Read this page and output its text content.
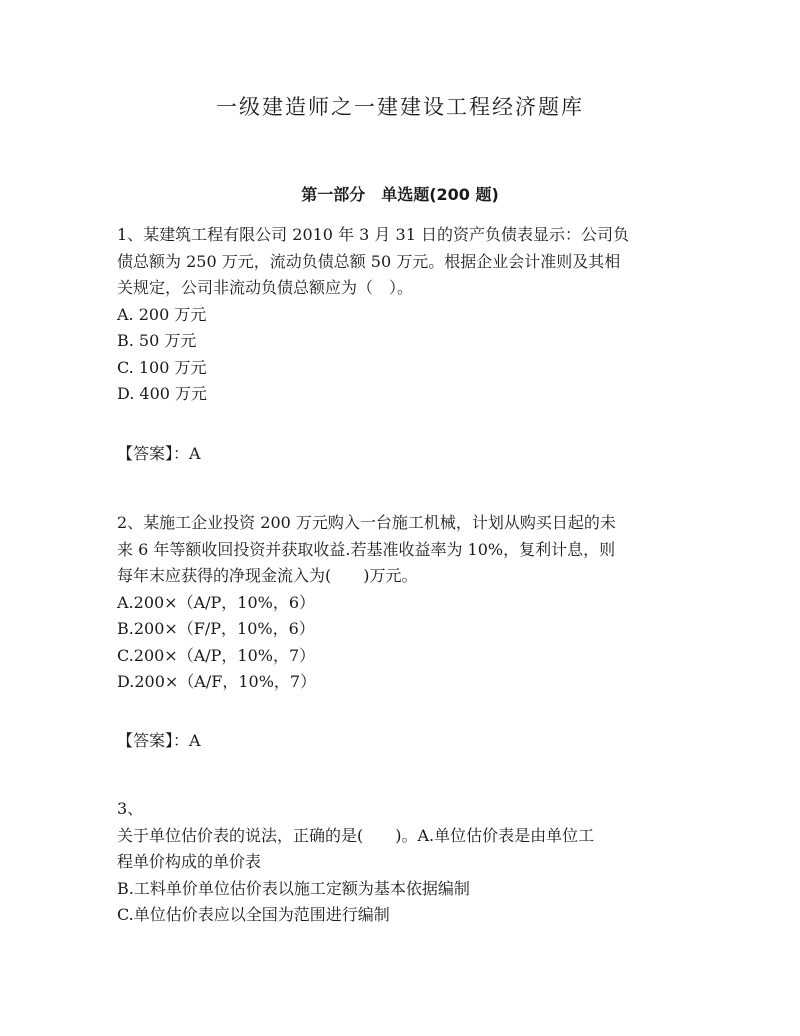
一级建造师之一建建设工程经济题库
第一部分　单选题(200 题)
1、某建筑工程有限公司 2010 年 3 月 31 日的资产负债表显示：公司负
债总额为 250 万元，流动负债总额 50 万元。根据企业会计准则及其相
关规定，公司非流动负债总额应为（　）。
A. 200 万元
B. 50 万元
C. 100 万元
D. 400 万元
【答案】：A
2、某施工企业投资 200 万元购入一台施工机械，计划从购买日起的未
来 6 年等额收回投资并获取收益.若基准收益率为 10%，复利计息，则
每年末应获得的净现金流入为(　　)万元。
A.200×（A/P，10%，6）
B.200×（F/P，10%，6）
C.200×（A/P，10%，7）
D.200×（A/F，10%，7）
【答案】：A
3、
关于单位估价表的说法，正确的是(　　)。A.单位估价表是由单位工
程单价构成的单价表
B.工料单价单位估价表以施工定额为基本依据编制
C.单位估价表应以全国为范围进行编制
